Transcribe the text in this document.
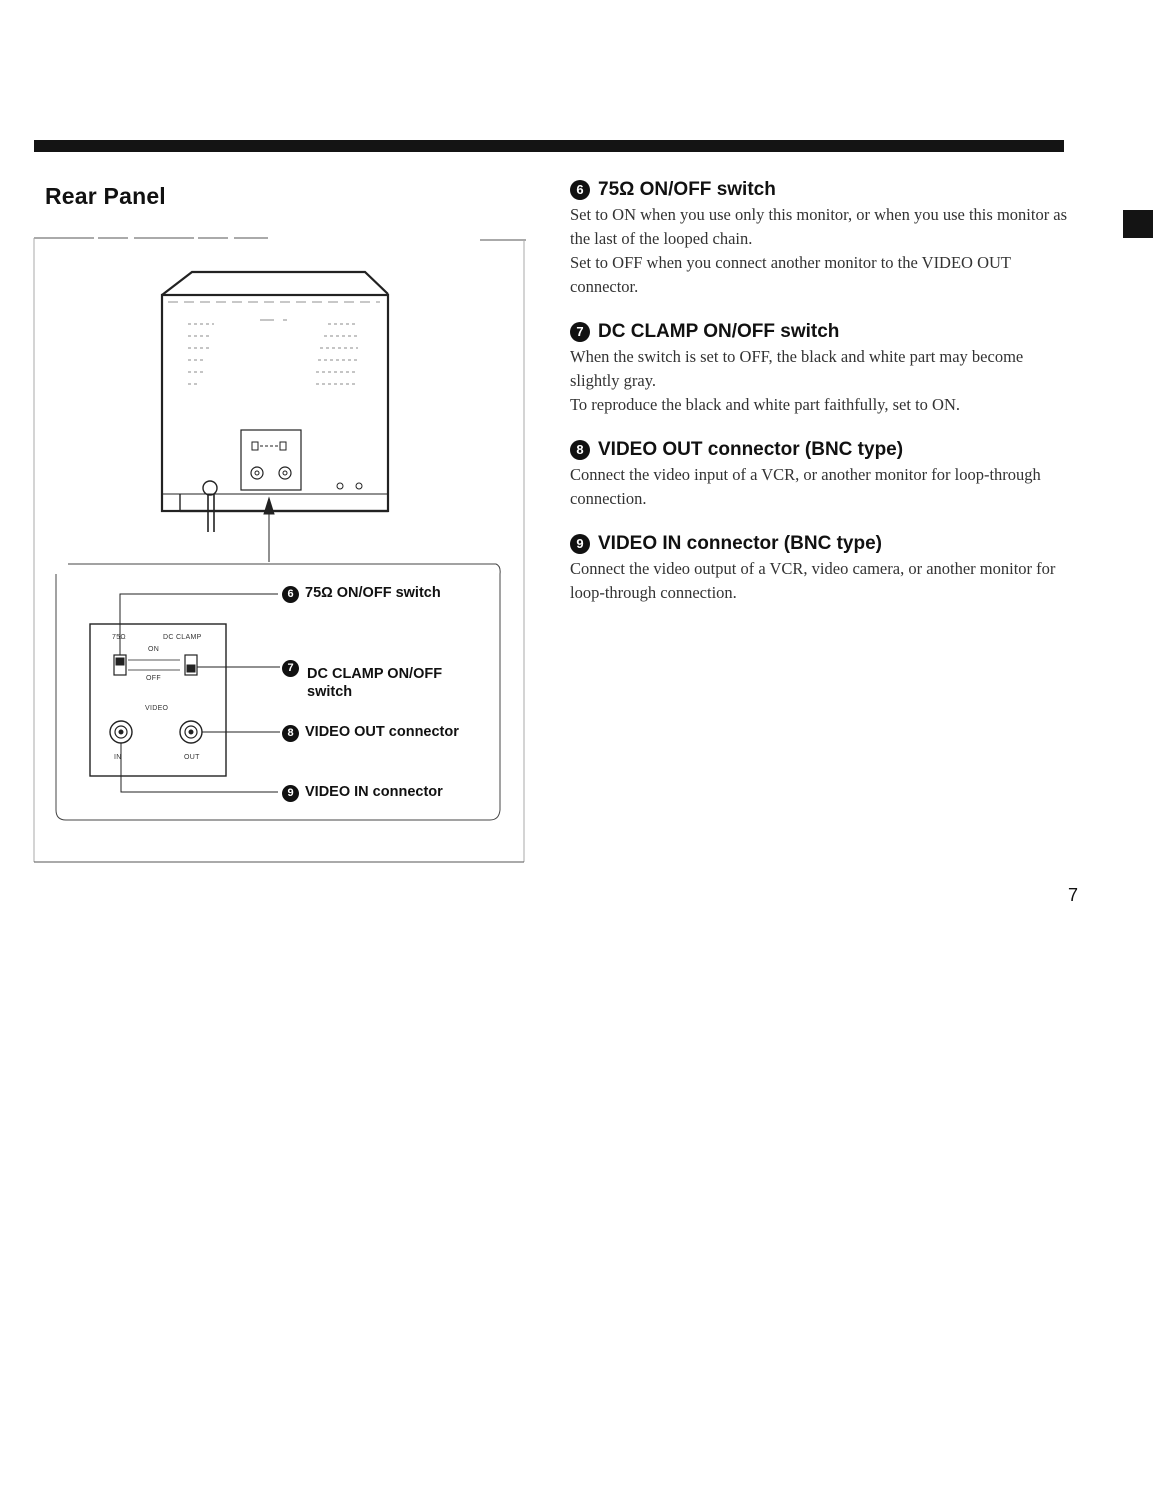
Rear Panel
75Ω	DC CLAMP
ON
OFF
VIDEO
IN	OUT
6 75Ω ON/OFF switch
7 DC CLAMP ON/OFF switch
8 VIDEO OUT connector
9 VIDEO IN connector
6 75Ω ON/OFF switch

Set to ON when you use only this monitor, or when you use this monitor as the last of the looped chain.

Set to OFF when you connect another monitor to the VIDEO OUT connector.

7 DC CLAMP ON/OFF switch

When the switch is set to OFF, the black and white part may become slightly gray.

To reproduce the black and white part faithfully, set to ON.

8 VIDEO OUT connector (BNC type)

Connect the video input of a VCR, or another monitor for loop-through connection.

9 VIDEO IN connector (BNC type)

Connect the video output of a VCR, video camera, or another monitor for loop-through connection.

7
